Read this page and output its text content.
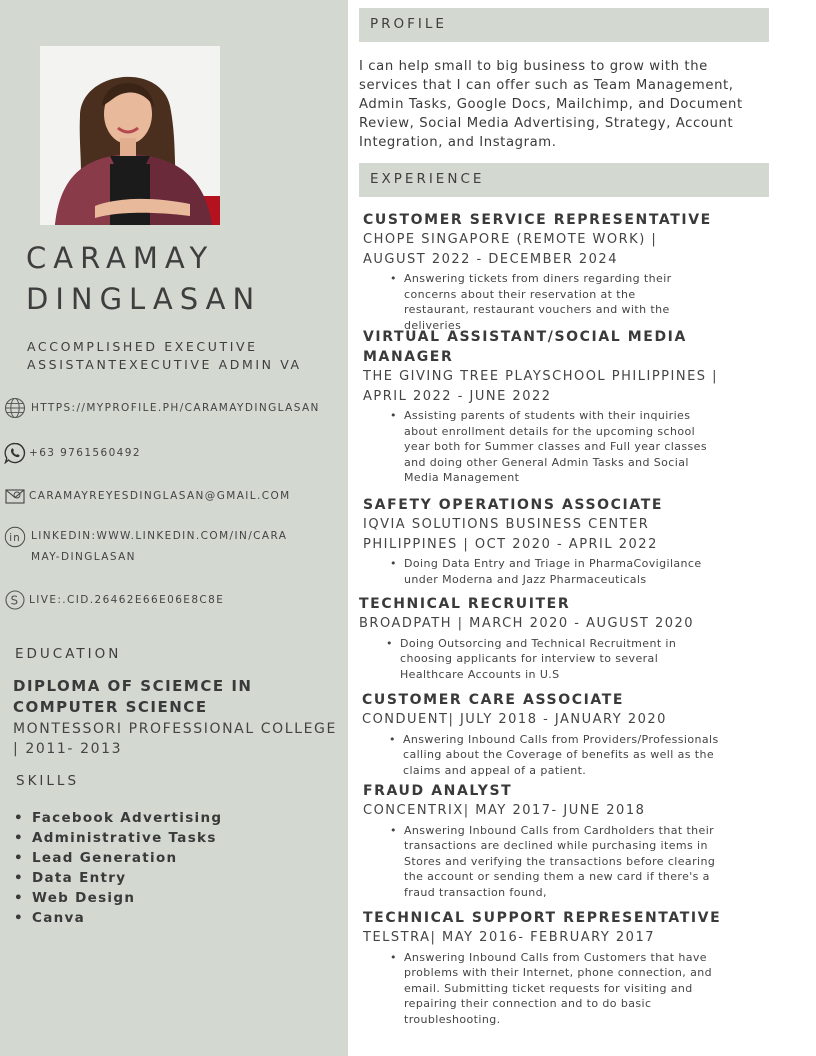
CARAMAY
DINGLASAN
ACCOMPLISHED EXECUTIVE
ASSISTANTEXECUTIVE ADMIN VA
HTTPS://MYPROFILE.PH/CARAMAYDINGLASAN
+63 9761560492
CARAMAYREYESDINGLASAN@GMAIL.COM
in LINKEDIN:WWW.LINKEDIN.COM/IN/CARA
MAY-DINGLASAN
S LIVE:.CID.26462E66E06E8C8E
EDUCATION
DIPLOMA OF SCIEMCE IN COMPUTER SCIENCE
MONTESSORI PROFESSIONAL COLLEGE | 2011- 2013
SKILLS
• Facebook Advertising
• Administrative Tasks
• Lead Generation
• Data Entry
• Web Design
• Canva
PROFILE
I can help small to big business to grow with the services that I can offer such as Team Management, Admin Tasks, Google Docs, Mailchimp, and Document Review, Social Media Advertising, Strategy, Account Integration, and Instagram.
EXPERIENCE
CUSTOMER SERVICE REPRESENTATIVE
CHOPE SINGAPORE (REMOTE WORK) | AUGUST 2022 - DECEMBER 2024
• Answering tickets from diners regarding their concerns about their reservation at the restaurant, restaurant vouchers and with the deliveries
VIRTUAL ASSISTANT/SOCIAL MEDIA MANAGER
THE GIVING TREE PLAYSCHOOL PHILIPPINES | APRIL 2022 - JUNE 2022
• Assisting parents of students with their inquiries about enrollment details for the upcoming school year both for Summer classes and Full year classes and doing other General Admin Tasks and Social Media Management
SAFETY OPERATIONS ASSOCIATE
IQVIA SOLUTIONS BUSINESS CENTER PHILIPPINES | OCT 2020 - APRIL 2022
• Doing Data Entry and Triage in PharmaCovigilance under Moderna and Jazz Pharmaceuticals
TECHNICAL RECRUITER
BROADPATH | MARCH 2020 - AUGUST 2020
• Doing Outsorcing and Technical Recruitment in choosing applicants for interview to several Healthcare Accounts in U.S
CUSTOMER CARE ASSOCIATE
CONDUENT| JULY 2018 - JANUARY 2020
• Answering Inbound Calls from Providers/Professionals calling about the Coverage of benefits as well as the claims and appeal of a patient.
FRAUD ANALYST
CONCENTRIX| MAY 2017- JUNE 2018
• Answering Inbound Calls from Cardholders that their transactions are declined while purchasing items in Stores and verifying the transactions before clearing the account or sending them a new card if there's a fraud transaction found,
TECHNICAL SUPPORT REPRESENTATIVE
TELSTRA| MAY 2016- FEBRUARY 2017
• Answering Inbound Calls from Customers that have problems with their Internet, phone connection, and email. Submitting ticket requests for visiting and repairing their connection and to do basic troubleshooting.
